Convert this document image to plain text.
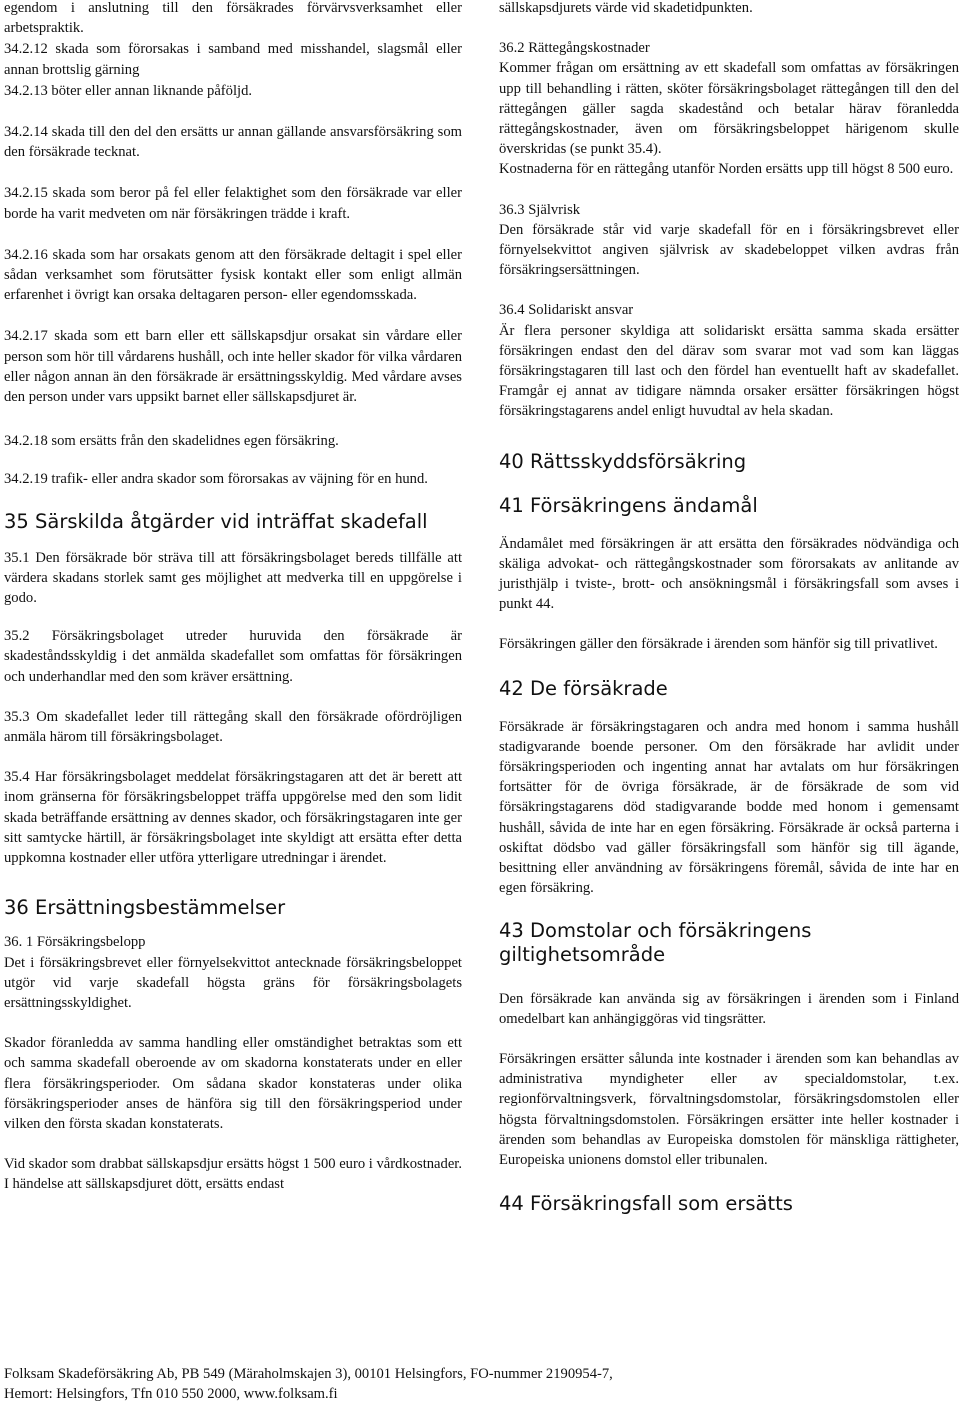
egendom i anslutning till den försäkrades förvärvsverksamhet eller arbetspraktik.

34.2.12 skada som förorsakas i samband med misshandel, slagsmål eller annan brottslig gärning

34.2.13 böter eller annan liknande påföljd.

34.2.14 skada till den del den ersätts ur annan gällande ansvarsförsäkring som den försäkrade tecknat.

34.2.15 skada som beror på fel eller felaktighet som den försäkrade var eller borde ha varit medveten om när försäkringen trädde i kraft.

34.2.16 skada som har orsakats genom att den försäkrade deltagit i spel eller sådan verksamhet som förutsätter fysisk kontakt eller som enligt allmän erfarenhet i övrigt kan orsaka deltagaren person- eller egendomsskada.

34.2.17 skada som ett barn eller ett sällskapsdjur orsakat sin vårdare eller person som hör till vårdarens hushåll, och inte heller skador för vilka vårdaren eller någon annan än den försäkrade är ersättningsskyldig. Med vårdare avses den person under vars uppsikt barnet eller sällskapsdjuret är.

34.2.18 som ersätts från den skadelidnes egen försäkring.

34.2.19 trafik- eller andra skador som förorsakas av väjning för en hund.

35 Särskilda åtgärder vid inträffat skadefall

35.1 Den försäkrade bör sträva till att försäkringsbolaget bereds tillfälle att värdera skadans storlek samt ges möjlighet att medverka till en uppgörelse i godo.

35.2 Försäkringsbolaget utreder huruvida den försäkrade är skadeståndsskyldig i det anmälda skadefallet som omfattas för försäkringen och underhandlar med den som kräver ersättning.

35.3 Om skadefallet leder till rättegång skall den försäkrade ofördröjligen anmäla härom till försäkringsbolaget.

35.4 Har försäkringsbolaget meddelat försäkringstagaren att det är berett att inom gränserna för försäkringsbeloppet träffa uppgörelse med den som lidit skada beträffande ersättning av dennes skador, och försäkringstagaren inte ger sitt samtycke härtill, är försäkringsbolaget inte skyldigt att ersätta efter detta uppkomna kostnader eller utföra ytterligare utredningar i ärendet.

36 Ersättningsbestämmelser

36. 1 Försäkringsbelopp

Det i försäkringsbrevet eller förnyelsekvittot antecknade försäkringsbeloppet utgör vid varje skadefall högsta gräns för försäkringsbolagets ersättningsskyldighet.

Skador föranledda av samma handling eller omständighet betraktas som ett och samma skadefall oberoende av om skadorna konstaterats under en eller flera försäkringsperioder. Om sådana skador konstateras under olika försäkringsperioder anses de hänföra sig till den försäkringsperiod under vilken den första skadan konstaterats.

Vid skador som drabbat sällskapsdjur ersätts högst 1 500 euro i vårdkostnader. I händelse att sällskapsdjuret dött, ersätts endast

sällskapsdjurets värde vid skadetidpunkten.

36.2 Rättegångskostnader

Kommer frågan om ersättning av ett skadefall som omfattas av försäkringen upp till behandling i rätten, sköter försäkringsbolaget rättegången till den del rättegången gäller sagda skadestånd och betalar härav föranledda rättegångskostnader, även om försäkringsbeloppet härigenom skulle överskridas (se punkt 35.4).

Kostnaderna för en rättegång utanför Norden ersätts upp till högst 8 500 euro.

36.3 Självrisk

Den försäkrade står vid varje skadefall för en i försäkringsbrevet eller förnyelsekvittot angiven självrisk av skadebeloppet vilken avdras från försäkringsersättningen.

36.4 Solidariskt ansvar

Är flera personer skyldiga att solidariskt ersätta samma skada ersätter försäkringen endast den del därav som svarar mot vad som kan läggas försäkringstagaren till last och den fördel han eventuellt haft av skadefallet. Framgår ej annat av tidigare nämnda orsaker ersätter försäkringen högst försäkringstagarens andel enligt huvudtal av hela skadan.

40 Rättsskyddsförsäkring
41 Försäkringens ändamål

Ändamålet med försäkringen är att ersätta den försäkrades nödvändiga och skäliga advokat- och rättegångskostnader som förorsakats av anlitande av juristhjälp i tviste-, brott- och ansökningsmål i försäkringsfall som avses i punkt 44.

Försäkringen gäller den försäkrade i ärenden som hänför sig till privatlivet.

42 De försäkrade

Försäkrade är försäkringstagaren och andra med honom i samma hushåll stadigvarande boende personer. Om den försäkrade har avlidit under försäkringsperioden och ingenting annat har avtalats om hur försäkringen fortsätter för de övriga försäkrade, är de försäkrade de som vid försäkringstagarens död stadigvarande bodde med honom i gemensamt hushåll, såvida de inte har en egen försäkring. Försäkrade är också parterna i oskiftat dödsbo vad gäller försäkringsfall som hänför sig till ägande, besittning eller användning av försäkringens föremål, såvida de inte har en egen försäkring.

43 Domstolar och försäkringens giltighetsområde

Den försäkrade kan använda sig av försäkringen i ärenden som i Finland omedelbart kan anhängiggöras vid tingsrätter.

Försäkringen ersätter sålunda inte kostnader i ärenden som kan behandlas av administrativa myndigheter eller av specialdomstolar, t.ex. regionförvaltningsverk, förvaltningsdomstolar, försäkringsdomstolen eller högsta förvaltningsdomstolen. Försäkringen ersätter inte heller kostnader i ärenden som behandlas av Europeiska domstolen för mänskliga rättigheter, Europeiska unionens domstol eller tribunalen.

44 Försäkringsfall som ersätts
Folksam Skadeförsäkring Ab, PB 549 (Märaholmskajen 3), 00101 Helsingfors, FO-nummer 2190954-7,
Hemort: Helsingfors, Tfn 010 550 2000, www.folksam.fi
